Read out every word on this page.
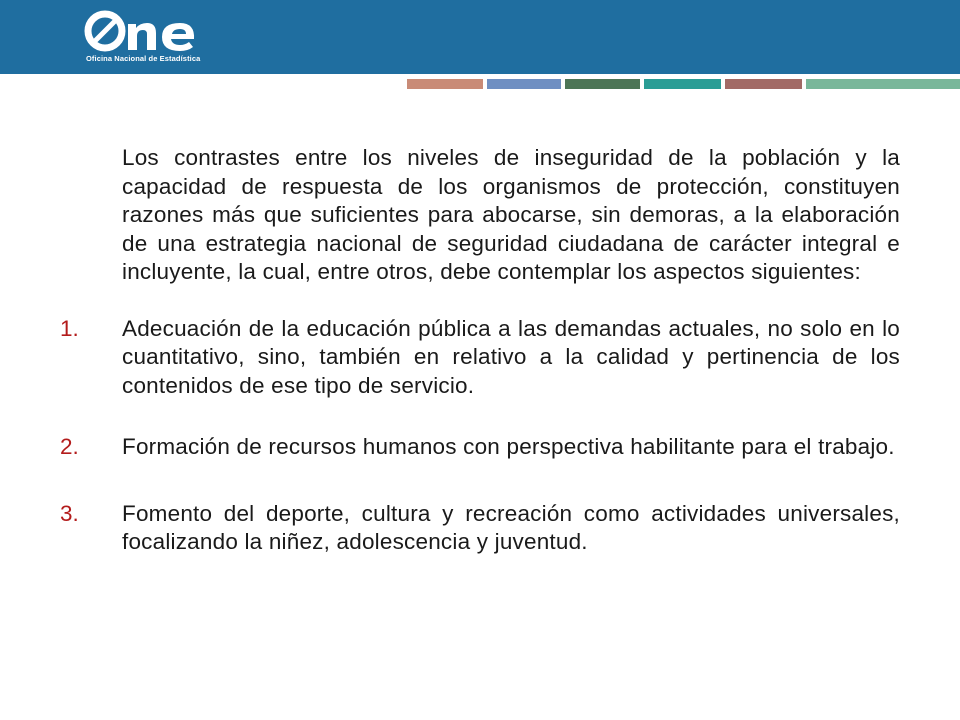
Oficina Nacional de Estadística

Los contrastes entre los niveles de inseguridad de la población y la capacidad de respuesta de los organismos de protección, constituyen razones más que suficientes para abocarse, sin demoras, a la elaboración de una estrategia nacional de seguridad ciudadana de carácter integral e incluyente, la cual, entre otros, debe contemplar los aspectos siguientes:

1.	Adecuación de la educación pública a las demandas actuales, no solo en lo cuantitativo, sino, también en relativo a la calidad y pertinencia de los contenidos de ese tipo de servicio.
2.	Formación de recursos humanos con perspectiva habilitante para el trabajo.
3.	Fomento del deporte, cultura y recreación como actividades universales, focalizando la niñez, adolescencia y juventud.
